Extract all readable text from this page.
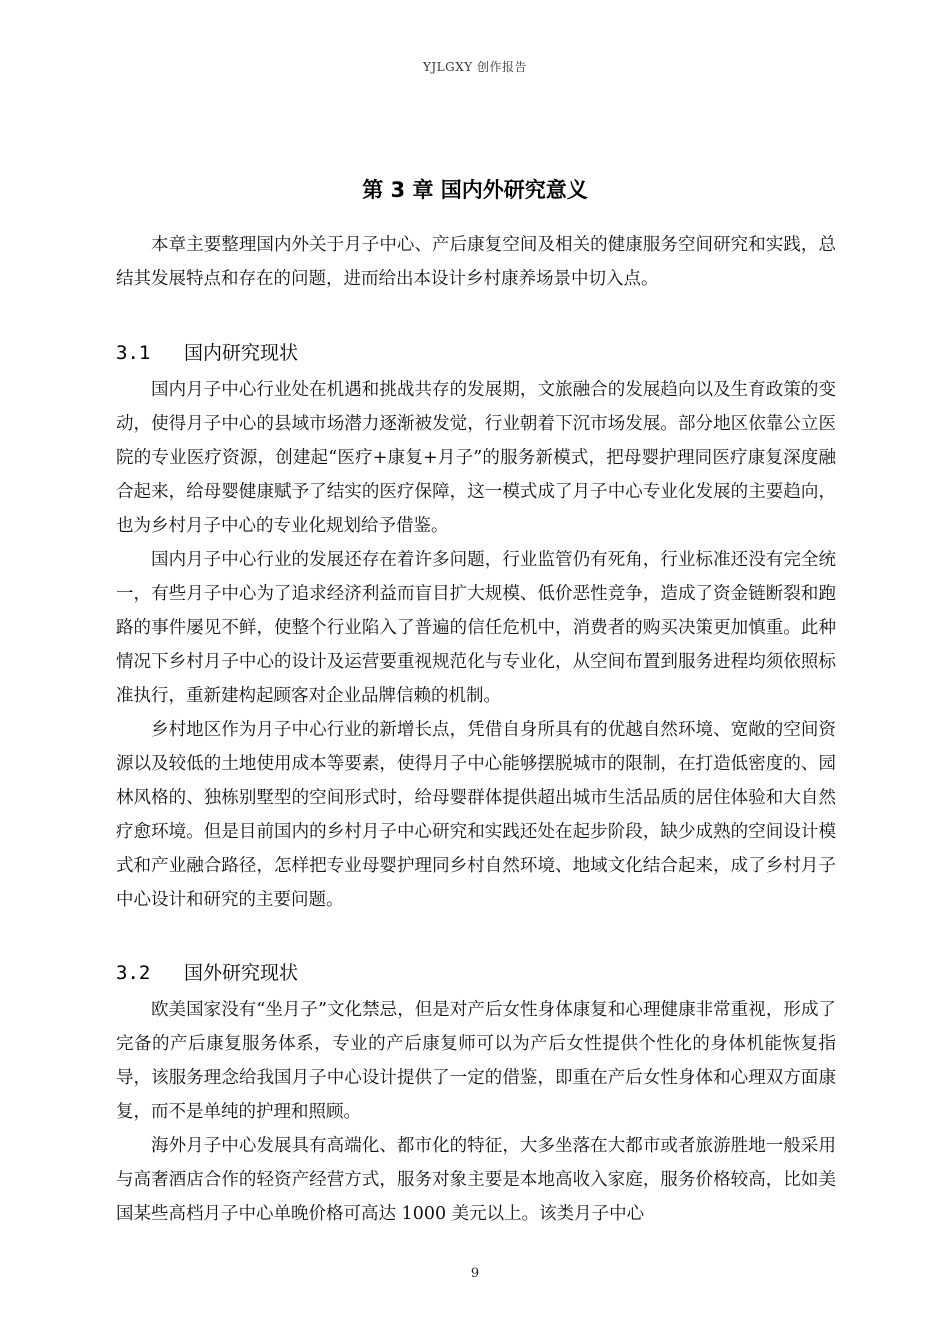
YJLGXY 创作报告
第 3 章 国内外研究意义

本章主要整理国内外关于月子中心、产后康复空间及相关的健康服务空间研究和实践，总结其发展特点和存在的问题，进而给出本设计乡村康养场景中切入点。

3.1	国内研究现状

国内月子中心行业处在机遇和挑战共存的发展期，文旅融合的发展趋向以及生育政策的变动，使得月子中心的县域市场潜力逐渐被发觉，行业朝着下沉市场发展。部分地区依靠公立医院的专业医疗资源，创建起“医疗+康复+月子”的服务新模式，把母婴护理同医疗康复深度融合起来，给母婴健康赋予了结实的医疗保障，这一模式成了月子中心专业化发展的主要趋向，也为乡村月子中心的专业化规划给予借鉴。

国内月子中心行业的发展还存在着许多问题，行业监管仍有死角，行业标准还没有完全统一，有些月子中心为了追求经济利益而盲目扩大规模、低价恶性竞争，造成了资金链断裂和跑路的事件屡见不鲜，使整个行业陷入了普遍的信任危机中，消费者的购买决策更加慎重。此种情况下乡村月子中心的设计及运营要重视规范化与专业化，从空间布置到服务进程均须依照标准执行，重新建构起顾客对企业品牌信赖的机制。

乡村地区作为月子中心行业的新增长点，凭借自身所具有的优越自然环境、宽敞的空间资源以及较低的土地使用成本等要素，使得月子中心能够摆脱城市的限制，在打造低密度的、园林风格的、独栋别墅型的空间形式时，给母婴群体提供超出城市生活品质的居住体验和大自然疗愈环境。但是目前国内的乡村月子中心研究和实践还处在起步阶段，缺少成熟的空间设计模式和产业融合路径，怎样把专业母婴护理同乡村自然环境、地域文化结合起来，成了乡村月子中心设计和研究的主要问题。

3.2	国外研究现状

欧美国家没有“坐月子”文化禁忌，但是对产后女性身体康复和心理健康非常重视，形成了完备的产后康复服务体系，专业的产后康复师可以为产后女性提供个性化的身体机能恢复指导，该服务理念给我国月子中心设计提供了一定的借鉴，即重在产后女性身体和心理双方面康复，而不是单纯的护理和照顾。

海外月子中心发展具有高端化、都市化的特征，大多坐落在大都市或者旅游胜地一般采用与高奢酒店合作的轻资产经营方式，服务对象主要是本地高收入家庭，服务价格较高，比如美国某些高档月子中心单晚价格可高达 1000 美元以上。该类月子中心

9
